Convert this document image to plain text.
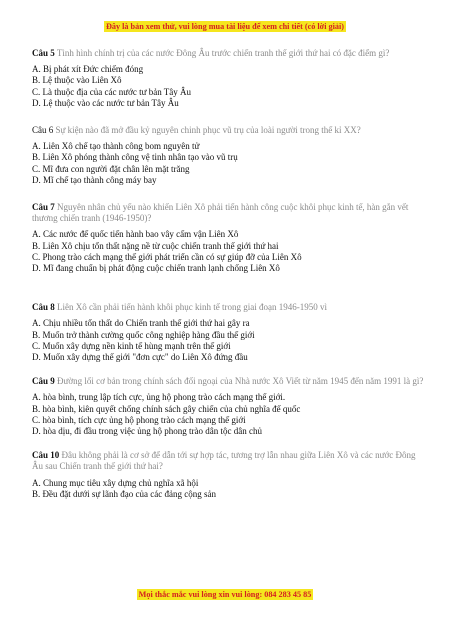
Đây là bản xem thử, vui lòng mua tài liệu để xem chi tiết (có lời giải)

Câu 5 Tình hình chính trị của các nước Đông Âu trước chiến tranh thế giới thứ hai có đặc điểm gì?

A. Bị phát xít Đức chiếm đóng

B. Lệ thuộc vào Liên Xô

C. Là thuộc địa của các nước tư bản Tây Âu

D. Lệ thuộc vào các nước tư bản Tây Âu

Câu 6 Sự kiện nào đã mở đầu kỷ nguyên chinh phục vũ trụ của loài người trong thế kỉ XX?

A. Liên Xô chế tạo thành công bom nguyên tử

B. Liên Xô phóng thành công vệ tinh nhân tạo vào vũ trụ

C. Mĩ đưa con người đặt chân lên mặt trăng

D. Mĩ chế tạo thành công máy bay

Câu 7 Nguyên nhân chủ yếu nào khiến Liên Xô phải tiến hành công cuộc khôi phục kinh tế, hàn gắn vết thương chiến tranh (1946-1950)?

A. Các nước đế quốc tiến hành bao vây cấm vận Liên Xô

B. Liên Xô chịu tổn thất nặng nề từ cuộc chiến tranh thế giới thứ hai

C. Phong trào cách mạng thế giới phát triển cần có sự giúp đỡ của Liên Xô

D. Mĩ đang chuẩn bị phát động cuộc chiến tranh lạnh chống Liên Xô

Câu 8 Liên Xô cần phải tiến hành khôi phục kinh tế trong giai đoạn 1946-1950 vì

A. Chịu nhiều tổn thất do Chiến tranh thế giới thứ hai gây ra

B. Muốn trở thành cường quốc công nghiệp hàng đầu thế giới

C. Muốn xây dựng nền kinh tế hùng mạnh trên thế giới

D. Muốn xây dựng thế giới "đơn cực" do Liên Xô đứng đầu

Câu 9 Đường lối cơ bản trong chính sách đối ngoại của Nhà nước Xô Viết từ năm 1945 đến năm 1991 là gì?

A. hòa bình, trung lập tích cực, ủng hộ phong trào cách mạng thế giới.

B. hòa bình, kiên quyết chống chính sách gây chiến của chủ nghĩa đế quốc

C. hòa bình, tích cực ủng hộ phong trào cách mạng thế giới

D. hòa dịu, đi đầu trong việc ủng hộ phong trào dân tộc dân chủ

Câu 10 Đâu không phải là cơ sở để dẫn tới sự hợp tác, tương trợ lẫn nhau giữa Liên Xô và các nước Đông Âu sau Chiến tranh thế giới thứ hai?

A. Chung mục tiêu xây dựng chủ nghĩa xã hội

B. Đều đặt dưới sự lãnh đạo của các đảng cộng sản

Mọi thắc mắc vui lòng xin vui lòng: 084 283 45 85
